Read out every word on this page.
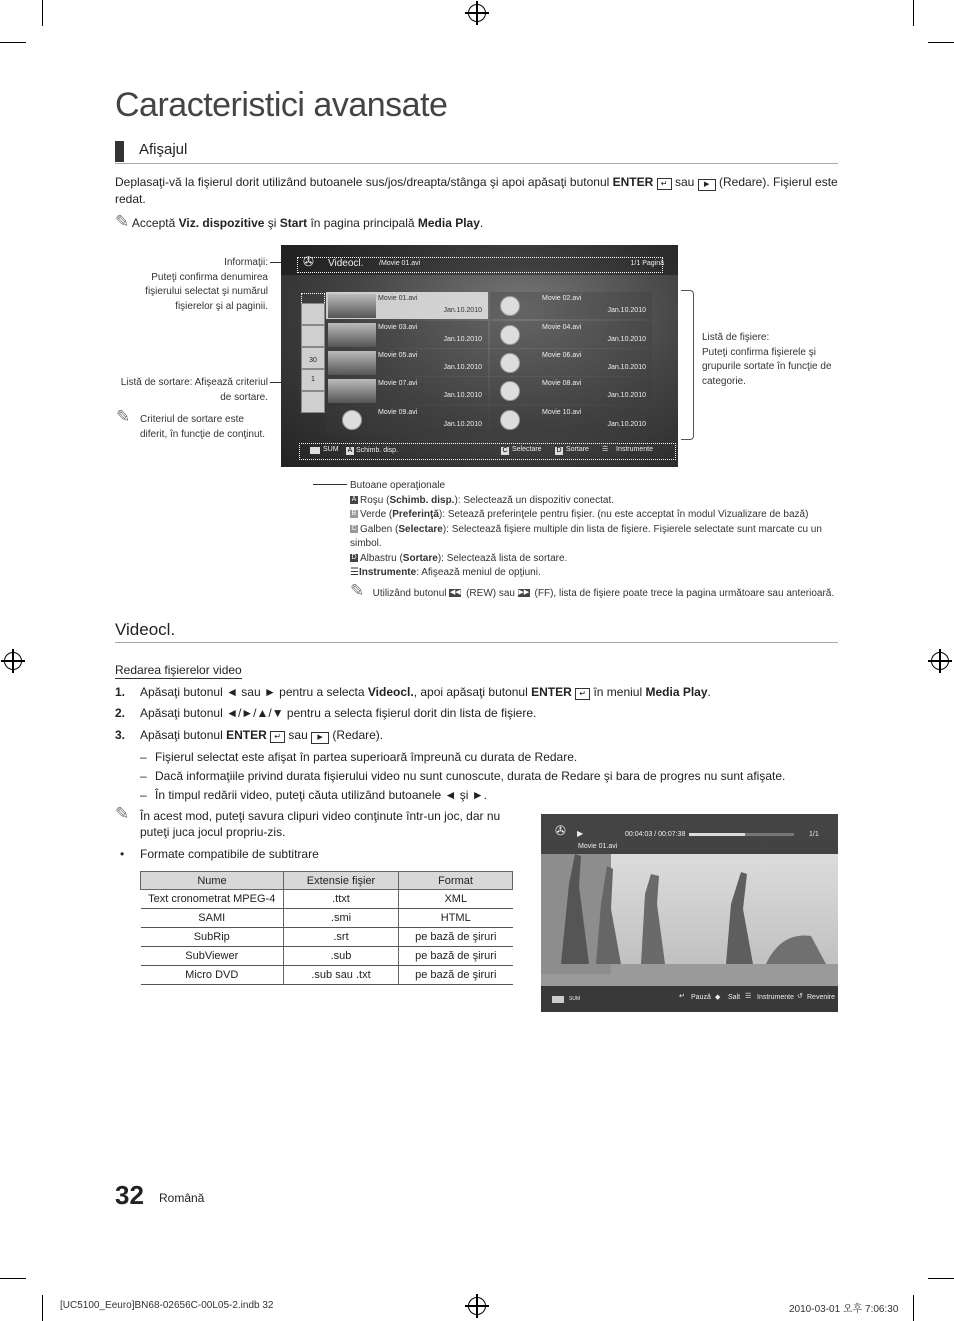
Caracteristici avansate
Afişajul
Deplasaţi-vă la fişierul dorit utilizând butoanele sus/jos/dreapta/stânga şi apoi apăsaţi butonul ENTER ↵ sau ▶ (Redare). Fişierul este
redat.
✎ Acceptă Viz. dispozitive şi Start în pagina principală Media Play.
Informaţii:
Puteţi confirma denumirea
fişierului selectat şi numărul
fişierelor şi al paginii.
Listă de sortare: Afişează criteriul
de sortare.
✎ Criteriul de sortare este
diferit, în funcţie de conţinut.
✇ Videocl. /Movie 01.avi	1/1 Pagină
30
1
Movie 01.avi
Jan.10.2010
Movie 02.avi
Jan.10.2010
Movie 03.avi
Jan.10.2010
Movie 04.avi
Jan.10.2010
Movie 05.avi
Jan.10.2010
Movie 06.avi
Jan.10.2010
Movie 07.avi
Jan.10.2010
Movie 08.avi
Jan.10.2010
Movie 09.avi
Jan.10.2010
Movie 10.avi
Jan.10.2010
SUM A Schimb. disp.	C Selectare D Sortare ☰ Instrumente
Listă de fişiere:
Puteţi confirma fişierele şi
grupurile sortate în funcţie de
categorie.
Butoane operaţionale
A Roşu (Schimb. disp.): Selectează un dispozitiv conectat.
B Verde (Preferinţă): Setează preferinţele pentru fişier. (nu este acceptat în modul Vizualizare de bază)
C Galben (Selectare): Selectează fişiere multiple din lista de fişiere. Fişierele selectate sunt marcate cu un simbol.
D Albastru (Sortare): Selectează lista de sortare.
☰Instrumente: Afişează meniul de opţiuni.
✎ Utilizând butonul ◀◀ (REW) sau ▶▶ (FF), lista de fişiere poate trece la pagina următoare sau anterioară.
Videocl.
Redarea fişierelor video
1. Apăsaţi butonul ◄ sau ► pentru a selecta Videocl., apoi apăsaţi butonul ENTER ↵ în meniul Media Play.
2. Apăsaţi butonul ◄/►/▲/▼ pentru a selecta fişierul dorit din lista de fişiere.
3. Apăsaţi butonul ENTER ↵ sau ▶ (Redare).
– Fişierul selectat este afişat în partea superioară împreună cu durata de Redare.
– Dacă informaţiile privind durata fişierului video nu sunt cunoscute, durata de Redare şi bara de progres nu sunt afişate.
– În timpul redării video, puteţi căuta utilizând butoanele ◄ şi ►.
✎ În acest mod, puteţi savura clipuri video conţinute într-un joc, dar nu
puteţi juca jocul propriu-zis.
• Formate compatibile de subtitrare
Nume	Extensie fişier	Format
Text cronometrat MPEG-4	.ttxt	XML
SAMI	.smi	HTML
SubRip	.srt	pe bază de şiruri
SubViewer	.sub	pe bază de şiruri
Micro DVD	.sub sau .txt	pe bază de şiruri
✇ ▶	00:04:03 / 00:07:38	1/1
Movie 01.avi
SUM	↵ Pauză ◆ Salt ☰ Instrumente ↺ Revenire
32 Română
[UC5100_Eeuro]BN68-02656C-00L05-2.indb 32	2010-03-01 오후 7:06:30
